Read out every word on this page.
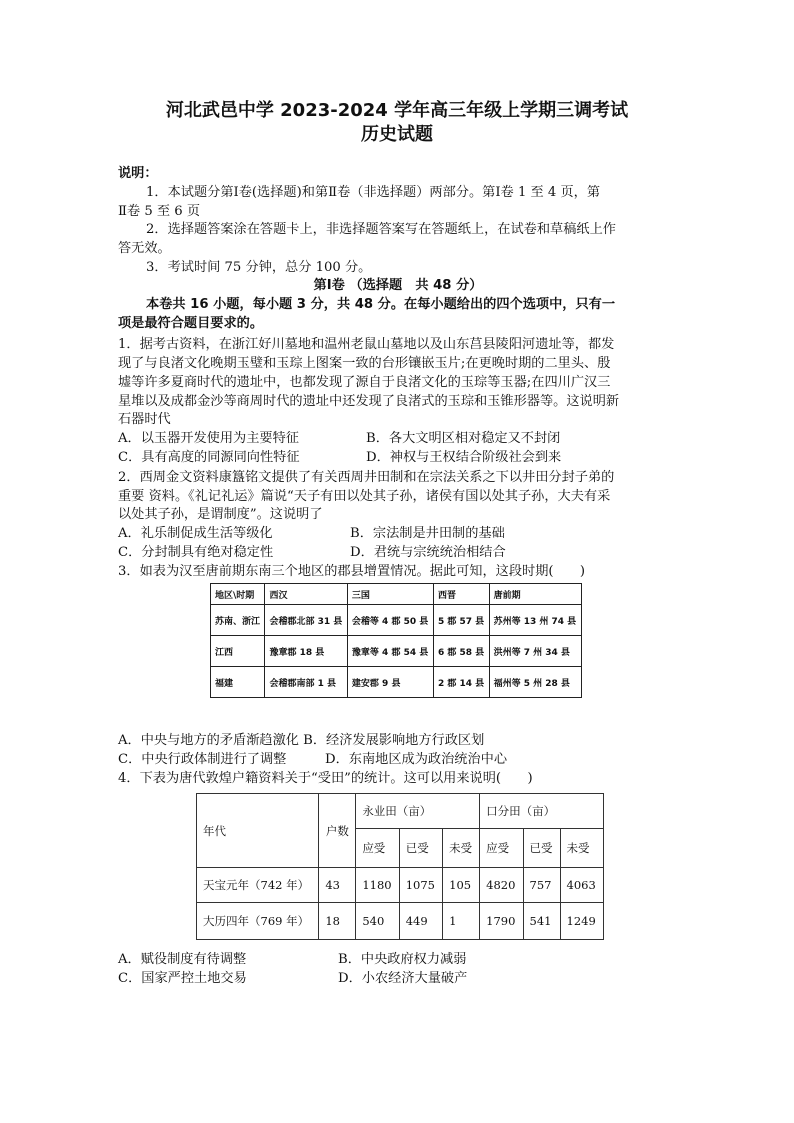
河北武邑中学 2023-2024 学年高三年级上学期三调考试
历史试题
说明：
1．本试题分第Ⅰ卷(选择题)和第Ⅱ卷（非选择题）两部分。第Ⅰ卷 1 至 4 页，第
Ⅱ卷 5 至 6 页
2．选择题答案涂在答题卡上，非选择题答案写在答题纸上，在试卷和草稿纸上作
答无效。
3．考试时间 75 分钟，总分 100 分。
第Ⅰ卷 （选择题　共 48 分）
本卷共 16 小题，每小题 3 分，共 48 分。在每小题给出的四个选项中，只有一
项是最符合题目要求的。
1．据考古资料，在浙江好川墓地和温州老鼠山墓地以及山东莒县陵阳河遗址等，都发
现了与良渚文化晚期玉璧和玉琮上图案一致的台形镶嵌玉片;在更晚时期的二里头、殷
墟等许多夏商时代的遗址中，也都发现了源自于良渚文化的玉琮等玉器;在四川广汉三
星堆以及成都金沙等商周时代的遗址中还发现了良渚式的玉琮和玉锥形器等。这说明新
石器时代
A．以玉器开发使用为主要特征	B．各大文明区相对稳定又不封闭
C．具有高度的同源同向性特征	D．神权与王权结合阶级社会到来
2．西周金文资料康簋铭文提供了有关西周井田制和在宗法关系之下以井田分封子弟的
重要 资料。《礼记礼运》篇说“天子有田以处其子孙，诸侯有国以处其子孙，大夫有采
以处其子孙，是谓制度”。这说明了
A．礼乐制促成生活等级化	B．宗法制是井田制的基础
C．分封制具有绝对稳定性	D．君统与宗统统治相结合
3．如表为汉至唐前期东南三个地区的郡县增置情况。据此可知，这段时期(　　)
地区\时期	西汉	三国	西晋	唐前期
苏南、浙江	会稽郡北部 31 县	会稽等 4 郡 50 县	5 郡 57 县	苏州等 13 州 74 县
江西	豫章郡 18 县	豫章等 4 郡 54 县	6 郡 58 县	洪州等 7 州 34 县
福建	会稽郡南部 1 县	建安郡 9 县	2 郡 14 县	福州等 5 州 28 县
A．中央与地方的矛盾渐趋激化 B．经济发展影响地方行政区划
C．中央行政体制进行了调整	D．东南地区成为政治统治中心
4．下表为唐代敦煌户籍资料关于“受田”的统计。这可以用来说明(　　)
年代	户数	永业田（亩）			口分田（亩）		
		应受	已受	未受	应受	已受	未受
天宝元年（742 年）	43	1180	1075	105	4820	757	4063
大历四年（769 年）	18	540	449	1	1790	541	1249
A．赋役制度有待调整	B．中央政府权力减弱
C．国家严控土地交易	D．小农经济大量破产
